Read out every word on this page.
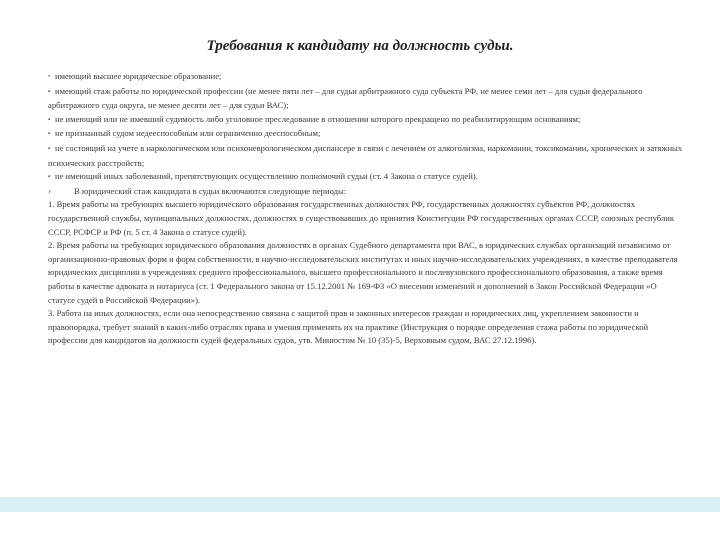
Требования к кандидату на должность судьи.

• имеющий высшее юридическое образование;

▪ имеющий стаж работы по юридической профессии (не менее пяти лет – для судьи арбитражного суда субъекта РФ, не менее семи лет – для судьи федерального арбитражного суда округа, не менее десяти лет – для судьи ВАС);

▪ не имеющий или не имевший судимость либо уголовное преследование в отношении которого прекращено по реабилитирующим основаниям;

▪ не признанный судом недееспособным или ограниченно дееспособным;

▪ не состоящий на учете в наркологическом или психоневрологическом диспансере в связи с лечением от алкоголизма, наркомании, токсикомании, хронических и затяжных психических расстройств;

▪ не имеющий иных заболеваний, препятствующих осуществлению полномочий судьи (ст. 4 Закона о статусе судей).

›	В юридический стаж кандидата в судьи включаются следующие периоды:

1. Время работы на требующих высшего юридического образования государственных должностях РФ, государственных должностях субъектов РФ, должностях государственной службы, муниципальных должностях, должностях в существовавших до принятия Конституции РФ государственных органах СССР, союзных республик СССР, РСФСР и РФ (п. 5 ст. 4 Закона о статусе судей).

2. Время работы на требующих юридического образования должностях в органах Судебного департамента при ВАС, в юридических службах организаций независимо от организационно-правовых форм и форм собственности, в научно-исследовательских институтах и иных научно-исследовательских учреждениях, в качестве преподавателя юридических дисциплин в учреждениях среднего профессионального, высшего профессионального и послевузовского профессионального образования, а также время работы в качестве адвоката и нотариуса (ст. 1 Федерального закона от 15.12.2001 № 169-ФЗ «О внесении изменений и дополнений в Закон Российской Федерации «О статусе судей в Российской Федерации»).

3. Работа на иных должностях, если она непосредственно связана с защитой прав и законных интересов граждан и юридических лиц, укреплением законности и правопорядка, требует знаний в каких-либо отраслях права и умения применять их на практике (Инструкция о порядке определения стажа работы по юридической профессии для кандидатов на должности судей федеральных судов, утв. Минюстом № 10 (35)-5, Верховным судом, ВАС 27.12.1996).
